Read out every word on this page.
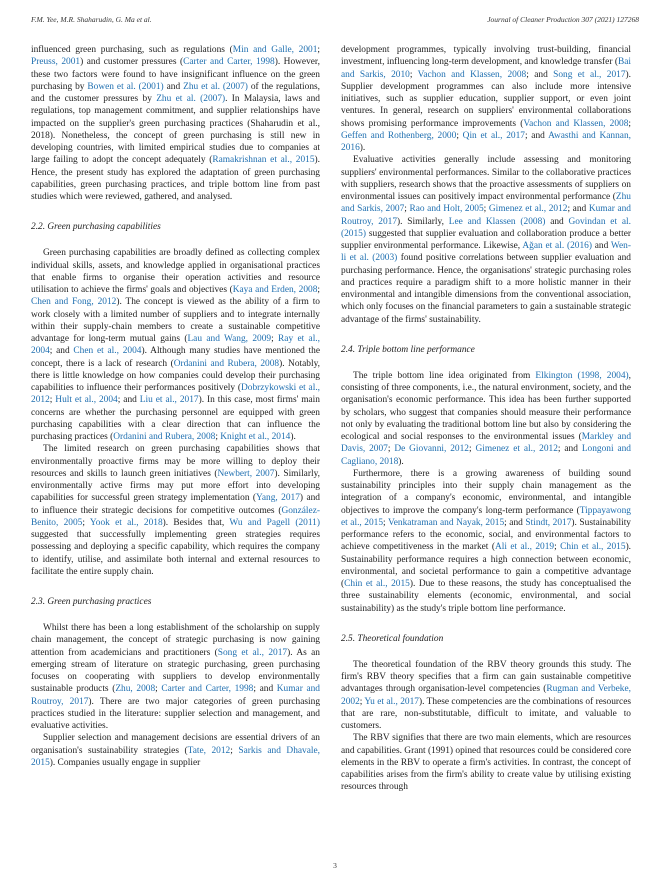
F.M. Yee, M.R. Shaharudin, G. Ma et al.	Journal of Cleaner Production 307 (2021) 127268

influenced green purchasing, such as regulations (Min and Galle, 2001; Preuss, 2001) and customer pressures (Carter and Carter, 1998). However, these two factors were found to have insignificant influence on the green purchasing by Bowen et al. (2001) and Zhu et al. (2007) of the regulations, and the customer pressures by Zhu et al. (2007). In Malaysia, laws and regulations, top management commitment, and supplier relationships have impacted on the supplier's green purchasing practices (Shaharudin et al., 2018). Nonetheless, the concept of green purchasing is still new in developing countries, with limited empirical studies due to companies at large failing to adopt the concept adequately (Ramakrishnan et al., 2015). Hence, the present study has explored the adaptation of green purchasing capabilities, green purchasing practices, and triple bottom line from past studies which were reviewed, gathered, and analysed.

2.2. Green purchasing capabilities

Green purchasing capabilities are broadly defined as collecting complex individual skills, assets, and knowledge applied in organisational practices that enable firms to organise their operation activities and resource utilisation to achieve the firms' goals and objectives (Kaya and Erden, 2008; Chen and Fong, 2012). The concept is viewed as the ability of a firm to work closely with a limited number of suppliers and to integrate internally within their supply-chain members to create a sustainable competitive advantage for long-term mutual gains (Lau and Wang, 2009; Ray et al., 2004; and Chen et al., 2004). Although many studies have mentioned the concept, there is a lack of research (Ordanini and Rubera, 2008). Notably, there is little knowledge on how companies could develop their purchasing capabilities to influence their performances positively (Dobrzykowski et al., 2012; Hult et al., 2004; and Liu et al., 2017). In this case, most firms' main concerns are whether the purchasing personnel are equipped with green purchasing capabilities with a clear direction that can influence the purchasing practices (Ordanini and Rubera, 2008; Knight et al., 2014).

The limited research on green purchasing capabilities shows that environmentally proactive firms may be more willing to deploy their resources and skills to launch green initiatives (Newbert, 2007). Similarly, environmentally active firms may put more effort into developing capabilities for successful green strategy implementation (Yang, 2017) and to influence their strategic decisions for competitive outcomes (González-Benito, 2005; Yook et al., 2018). Besides that, Wu and Pagell (2011) suggested that successfully implementing green strategies requires possessing and deploying a specific capability, which requires the company to identify, utilise, and assimilate both internal and external resources to facilitate the entire supply chain.

2.3. Green purchasing practices

Whilst there has been a long establishment of the scholarship on supply chain management, the concept of strategic purchasing is now gaining attention from academicians and practitioners (Song et al., 2017). As an emerging stream of literature on strategic purchasing, green purchasing focuses on cooperating with suppliers to develop environmentally sustainable products (Zhu, 2008; Carter and Carter, 1998; and Kumar and Routroy, 2017). There are two major categories of green purchasing practices studied in the literature: supplier selection and management, and evaluative activities.

Supplier selection and management decisions are essential drivers of an organisation's sustainability strategies (Tate, 2012; Sarkis and Dhavale, 2015). Companies usually engage in supplier

development programmes, typically involving trust-building, financial investment, influencing long-term development, and knowledge transfer (Bai and Sarkis, 2010; Vachon and Klassen, 2008; and Song et al., 2017). Supplier development programmes can also include more intensive initiatives, such as supplier education, supplier support, or even joint ventures. In general, research on suppliers' environmental collaborations shows promising performance improvements (Vachon and Klassen, 2008; Geffen and Rothenberg, 2000; Qin et al., 2017; and Awasthi and Kannan, 2016).

Evaluative activities generally include assessing and monitoring suppliers' environmental performances. Similar to the collaborative practices with suppliers, research shows that the proactive assessments of suppliers on environmental issues can positively impact environmental performance (Zhu and Sarkis, 2007; Rao and Holt, 2005; Gimenez et al., 2012; and Kumar and Routroy, 2017). Similarly, Lee and Klassen (2008) and Govindan et al. (2015) suggested that supplier evaluation and collaboration produce a better supplier environmental performance. Likewise, Ağan et al. (2016) and Wen-li et al. (2003) found positive correlations between supplier evaluation and purchasing performance. Hence, the organisations' strategic purchasing roles and practices require a paradigm shift to a more holistic manner in their environmental and intangible dimensions from the conventional association, which only focuses on the financial parameters to gain a sustainable strategic advantage of the firms' sustainability.

2.4. Triple bottom line performance

The triple bottom line idea originated from Elkington (1998, 2004), consisting of three components, i.e., the natural environment, society, and the organisation's economic performance. This idea has been further supported by scholars, who suggest that companies should measure their performance not only by evaluating the traditional bottom line but also by considering the ecological and social responses to the environmental issues (Markley and Davis, 2007; De Giovanni, 2012; Gimenez et al., 2012; and Longoni and Cagliano, 2018).

Furthermore, there is a growing awareness of building sound sustainability principles into their supply chain management as the integration of a company's economic, environmental, and intangible objectives to improve the company's long-term performance (Tippayawong et al., 2015; Venkatraman and Nayak, 2015; and Stindt, 2017). Sustainability performance refers to the economic, social, and environmental factors to achieve competitiveness in the market (Ali et al., 2019; Chin et al., 2015). Sustainability performance requires a high connection between economic, environmental, and societal performance to gain a competitive advantage (Chin et al., 2015). Due to these reasons, the study has conceptualised the three sustainability elements (economic, environmental, and social sustainability) as the study's triple bottom line performance.

2.5. Theoretical foundation

The theoretical foundation of the RBV theory grounds this study. The firm's RBV theory specifies that a firm can gain sustainable competitive advantages through organisation-level competencies (Rugman and Verbeke, 2002; Yu et al., 2017). These competencies are the combinations of resources that are rare, non-substitutable, difficult to imitate, and valuable to customers.

The RBV signifies that there are two main elements, which are resources and capabilities. Grant (1991) opined that resources could be considered core elements in the RBV to operate a firm's activities. In contrast, the concept of capabilities arises from the firm's ability to create value by utilising existing resources through

3
